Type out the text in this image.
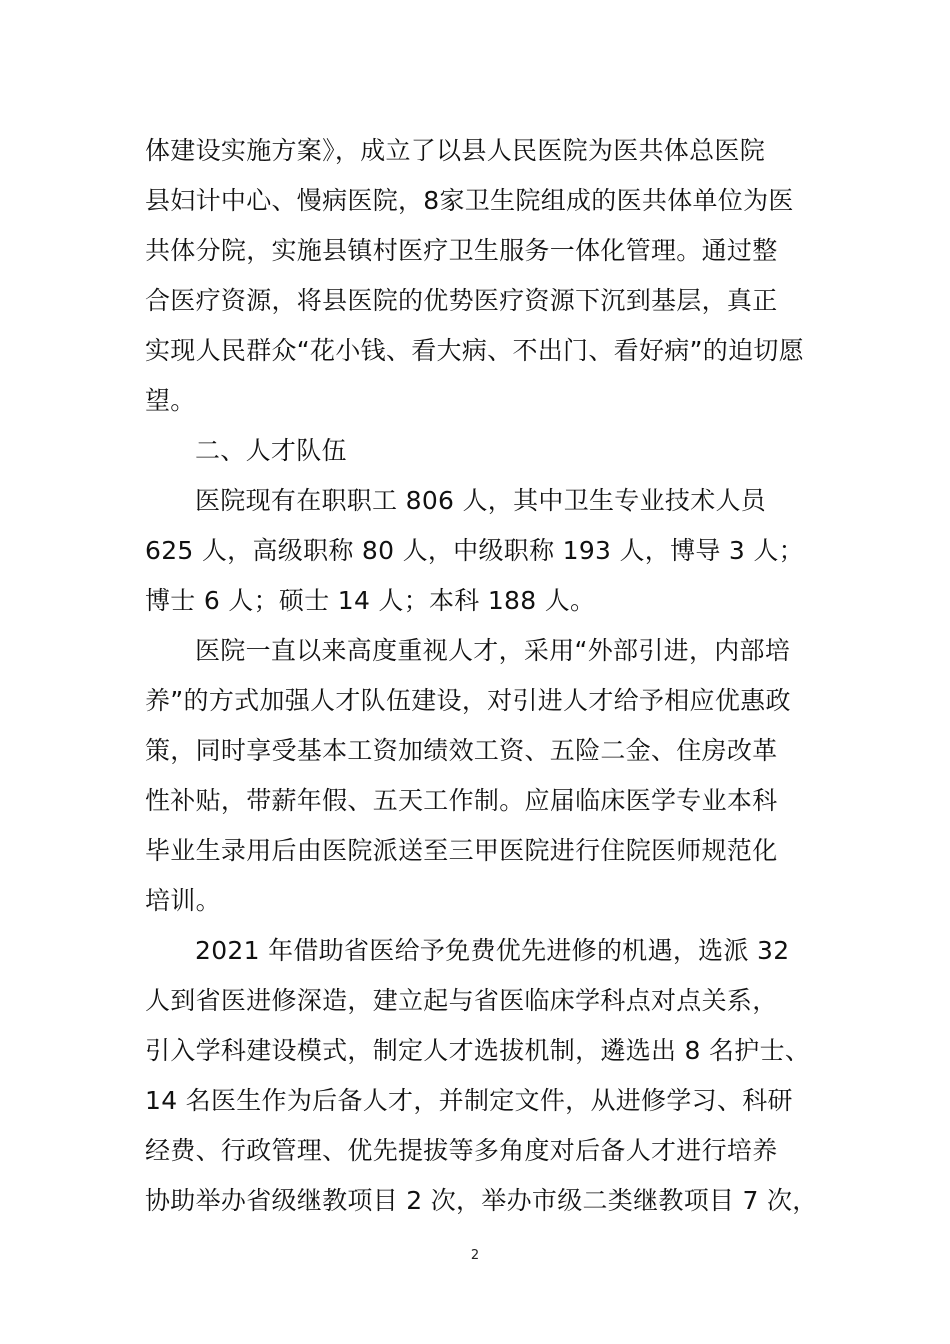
体建设实施方案》，成立了以县人民医院为医共体总医院
县妇计中心、慢病医院，8家卫生院组成的医共体单位为医
共体分院，实施县镇村医疗卫生服务一体化管理。通过整
合医疗资源，将县医院的优势医疗资源下沉到基层，真正
实现人民群众“花小钱、看大病、不出门、看好病”的迫切愿
望。
二、人才队伍
医院现有在职职工 806 人，其中卫生专业技术人员
625 人，高级职称 80 人，中级职称 193 人，博导 3 人；
博士 6 人；硕士 14 人；本科 188 人。
医院一直以来高度重视人才，采用“外部引进，内部培
养”的方式加强人才队伍建设，对引进人才给予相应优惠政
策，同时享受基本工资加绩效工资、五险二金、住房改革
性补贴，带薪年假、五天工作制。应届临床医学专业本科
毕业生录用后由医院派送至三甲医院进行住院医师规范化
培训。
2021 年借助省医给予免费优先进修的机遇，选派 32
人到省医进修深造，建立起与省医临床学科点对点关系，
引入学科建设模式，制定人才选拔机制，遴选出 8 名护士、
14 名医生作为后备人才，并制定文件，从进修学习、科研
经费、行政管理、优先提拔等多角度对后备人才进行培养
协助举办省级继教项目 2 次，举办市级二类继教项目 7 次，
2
